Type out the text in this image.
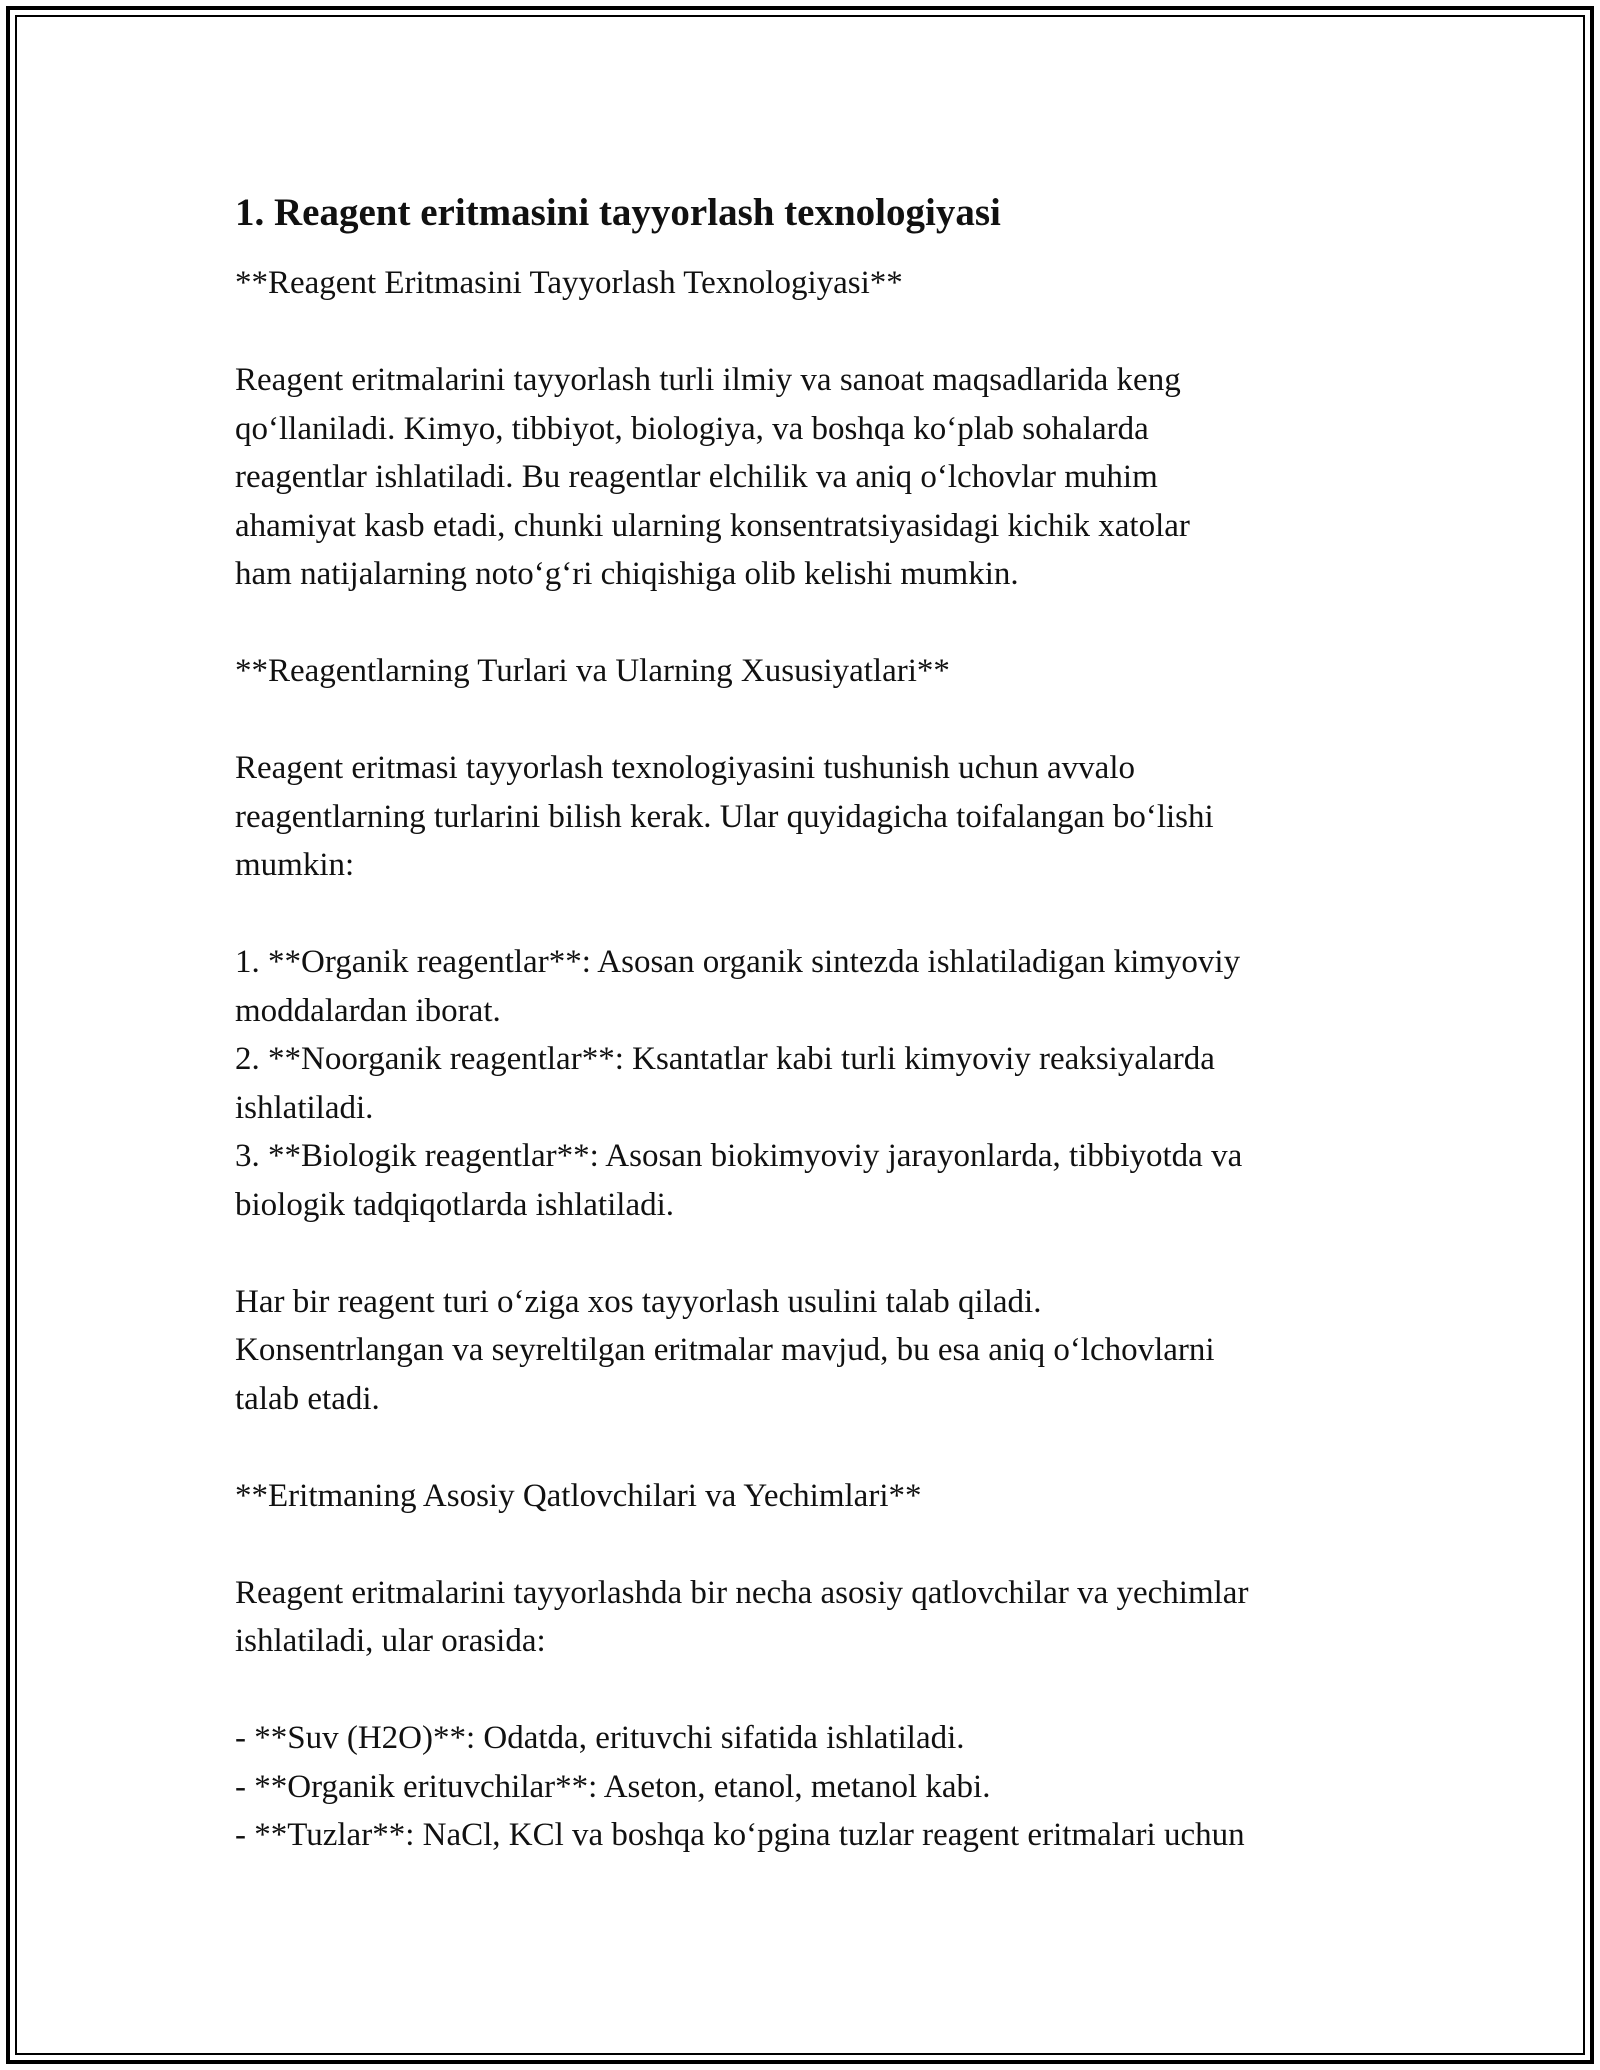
1. Reagent eritmasini tayyorlash texnologiyasi

**Reagent Eritmasini Tayyorlash Texnologiyasi**

Reagent eritmalarini tayyorlash turli ilmiy va sanoat maqsadlarida keng

qo‘llaniladi. Kimyo, tibbiyot, biologiya, va boshqa ko‘plab sohalarda

reagentlar ishlatiladi. Bu reagentlar elchilik va aniq o‘lchovlar muhim

ahamiyat kasb etadi, chunki ularning konsentratsiyasidagi kichik xatolar

ham natijalarning noto‘g‘ri chiqishiga olib kelishi mumkin.

**Reagentlarning Turlari va Ularning Xususiyatlari**

Reagent eritmasi tayyorlash texnologiyasini tushunish uchun avvalo

reagentlarning turlarini bilish kerak. Ular quyidagicha toifalangan bo‘lishi

mumkin:

1. **Organik reagentlar**: Asosan organik sintezda ishlatiladigan kimyoviy

moddalardan iborat.

2. **Noorganik reagentlar**: Ksantatlar kabi turli kimyoviy reaksiyalarda

ishlatiladi.

3. **Biologik reagentlar**: Asosan biokimyoviy jarayonlarda, tibbiyotda va

biologik tadqiqotlarda ishlatiladi.

Har bir reagent turi o‘ziga xos tayyorlash usulini talab qiladi.

Konsentrlangan va seyreltilgan eritmalar mavjud, bu esa aniq o‘lchovlarni

talab etadi.

**Eritmaning Asosiy Qatlovchilari va Yechimlari**

Reagent eritmalarini tayyorlashda bir necha asosiy qatlovchilar va yechimlar

ishlatiladi, ular orasida:

- **Suv (H2O)**: Odatda, erituvchi sifatida ishlatiladi.

- **Organik erituvchilar**: Aseton, etanol, metanol kabi.

- **Tuzlar**: NaCl, KCl va boshqa ko‘pgina tuzlar reagent eritmalari uchun
